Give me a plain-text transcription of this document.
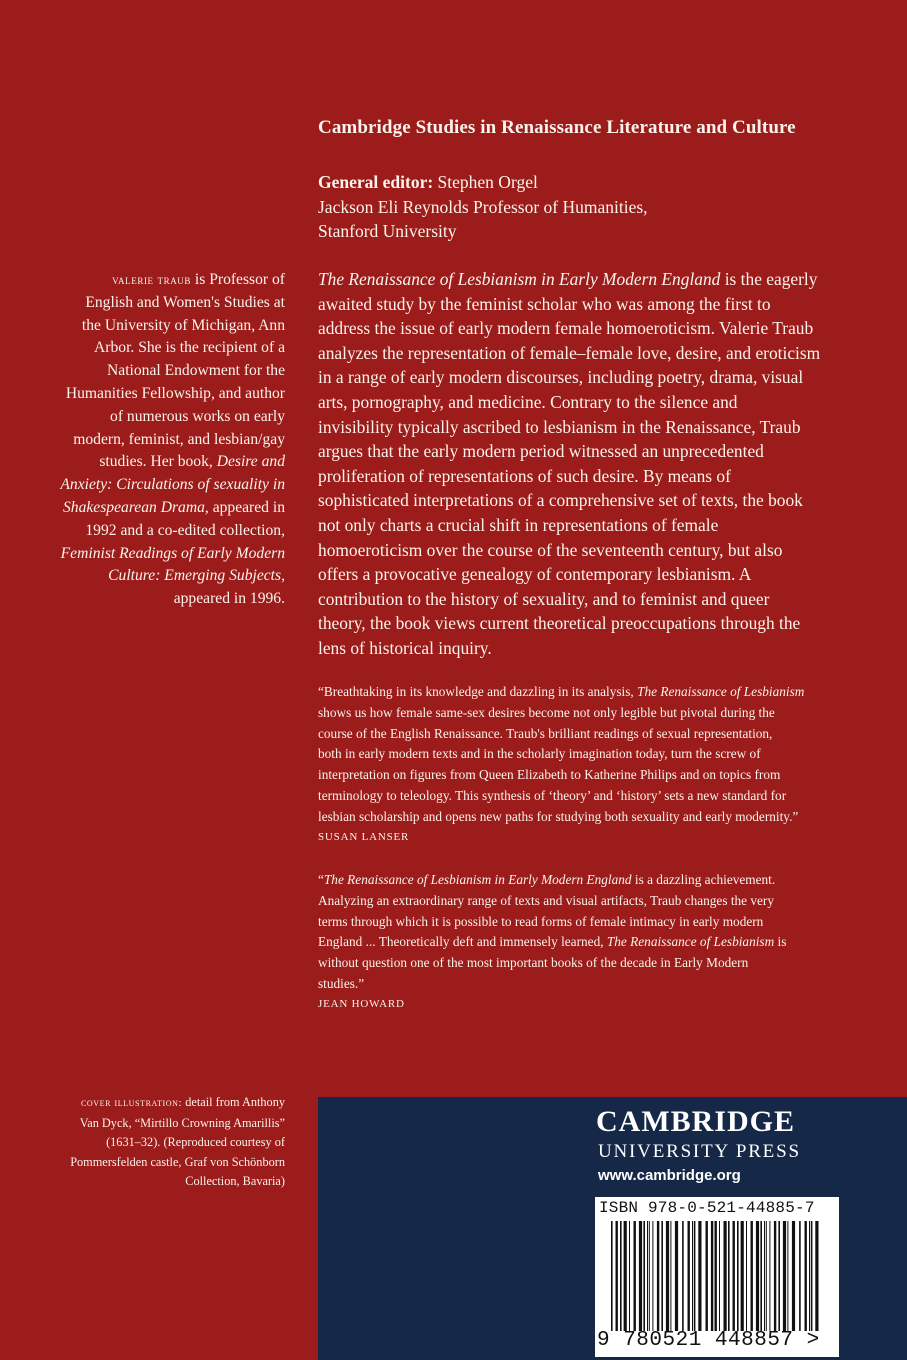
Cambridge Studies in Renaissance Literature and Culture
General editor: Stephen Orgel
Jackson Eli Reynolds Professor of Humanities,
Stanford University
The Renaissance of Lesbianism in Early Modern England is the eagerly
awaited study by the feminist scholar who was among the first to
address the issue of early modern female homoeroticism. Valerie Traub
analyzes the representation of female–female love, desire, and eroticism
in a range of early modern discourses, including poetry, drama, visual
arts, pornography, and medicine. Contrary to the silence and
invisibility typically ascribed to lesbianism in the Renaissance, Traub
argues that the early modern period witnessed an unprecedented
proliferation of representations of such desire. By means of
sophisticated interpretations of a comprehensive set of texts, the book
not only charts a crucial shift in representations of female
homoeroticism over the course of the seventeenth century, but also
offers a provocative genealogy of contemporary lesbianism. A
contribution to the history of sexuality, and to feminist and queer
theory, the book views current theoretical preoccupations through the
lens of historical inquiry.
valerie traub is Professor of
English and Women's Studies at
the University of Michigan, Ann
Arbor. She is the recipient of a
National Endowment for the
Humanities Fellowship, and author
of numerous works on early
modern, feminist, and lesbian/gay
studies. Her book, Desire and
Anxiety: Circulations of sexuality in
Shakespearean Drama, appeared in
1992 and a co-edited collection,
Feminist Readings of Early Modern
Culture: Emerging Subjects,
appeared in 1996.
“Breathtaking in its knowledge and dazzling in its analysis, The Renaissance of Lesbianism
shows us how female same-sex desires become not only legible but pivotal during the
course of the English Renaissance. Traub's brilliant readings of sexual representation,
both in early modern texts and in the scholarly imagination today, turn the screw of
interpretation on figures from Queen Elizabeth to Katherine Philips and on topics from
terminology to teleology. This synthesis of ‘theory’ and ‘history’ sets a new standard for
lesbian scholarship and opens new paths for studying both sexuality and early modernity.”
SUSAN LANSER
“The Renaissance of Lesbianism in Early Modern England is a dazzling achievement.
Analyzing an extraordinary range of texts and visual artifacts, Traub changes the very
terms through which it is possible to read forms of female intimacy in early modern
England ... Theoretically deft and immensely learned, The Renaissance of Lesbianism is
without question one of the most important books of the decade in Early Modern
studies.”
JEAN HOWARD
cover illustration: detail from Anthony
Van Dyck, “Mirtillo Crowning Amarillis”
(1631–32). (Reproduced courtesy of
Pommersfelden castle, Graf von Schönborn
Collection, Bavaria)
CAMBRIDGE
UNIVERSITY PRESS
www.cambridge.org
ISBN 978-0-521-44885-7
9 780521 448857 >
